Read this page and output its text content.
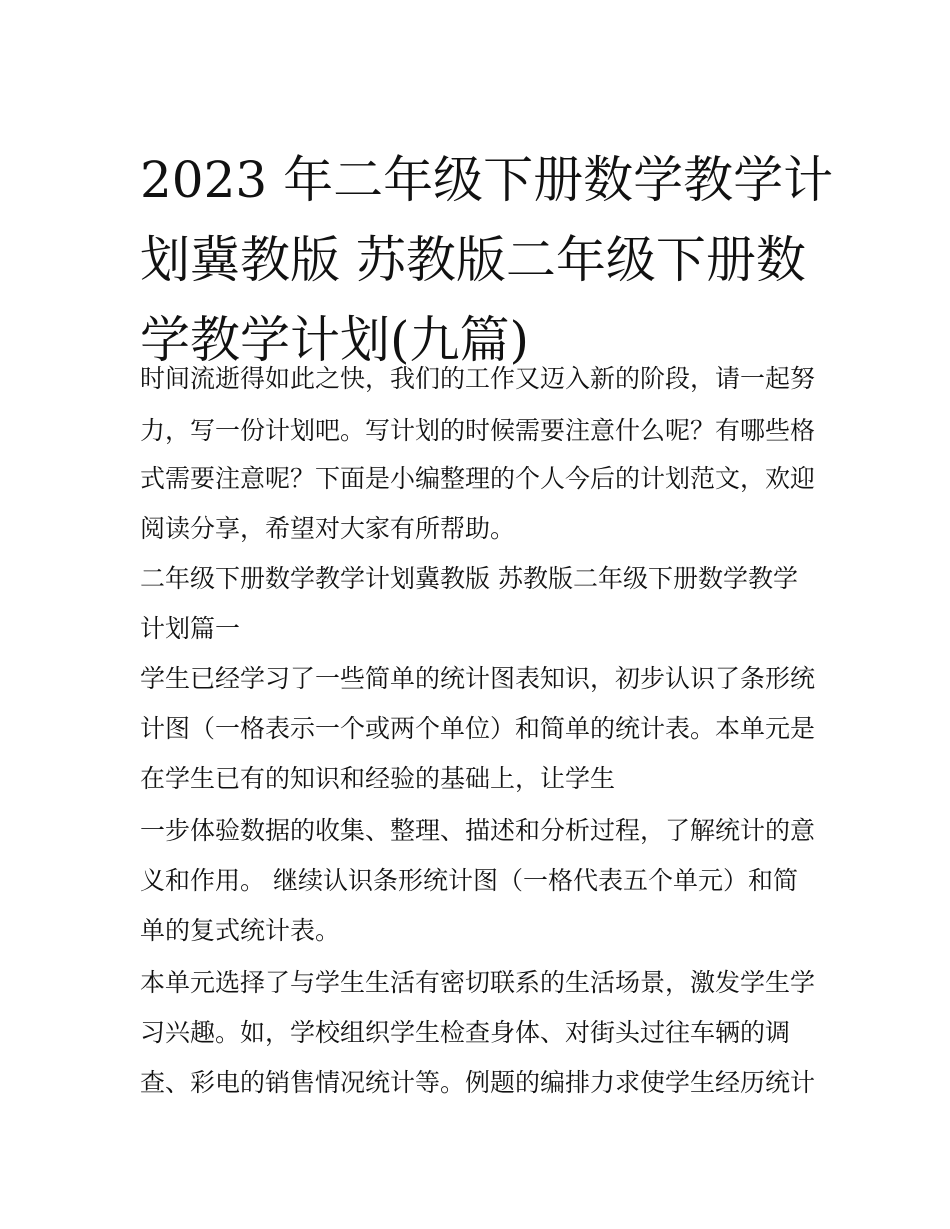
2023 年二年级下册数学教学计
划冀教版 苏教版二年级下册数
学教学计划(九篇)
时间流逝得如此之快，我们的工作又迈入新的阶段，请一起努
力，写一份计划吧。写计划的时候需要注意什么呢？有哪些格
式需要注意呢？下面是小编整理的个人今后的计划范文，欢迎
阅读分享，希望对大家有所帮助。
二年级下册数学教学计划冀教版 苏教版二年级下册数学教学
计划篇一
学生已经学习了一些简单的统计图表知识，初步认识了条形统
计图（一格表示一个或两个单位）和简单的统计表。本单元是
在学生已有的知识和经验的基础上，让学生
一步体验数据的收集、整理、描述和分析过程，了解统计的意
义和作用。 继续认识条形统计图（一格代表五个单元）和简
单的复式统计表。
本单元选择了与学生生活有密切联系的生活场景，激发学生学
习兴趣。如，学校组织学生检查身体、对街头过往车辆的调
查、彩电的销售情况统计等。例题的编排力求使学生经历统计
